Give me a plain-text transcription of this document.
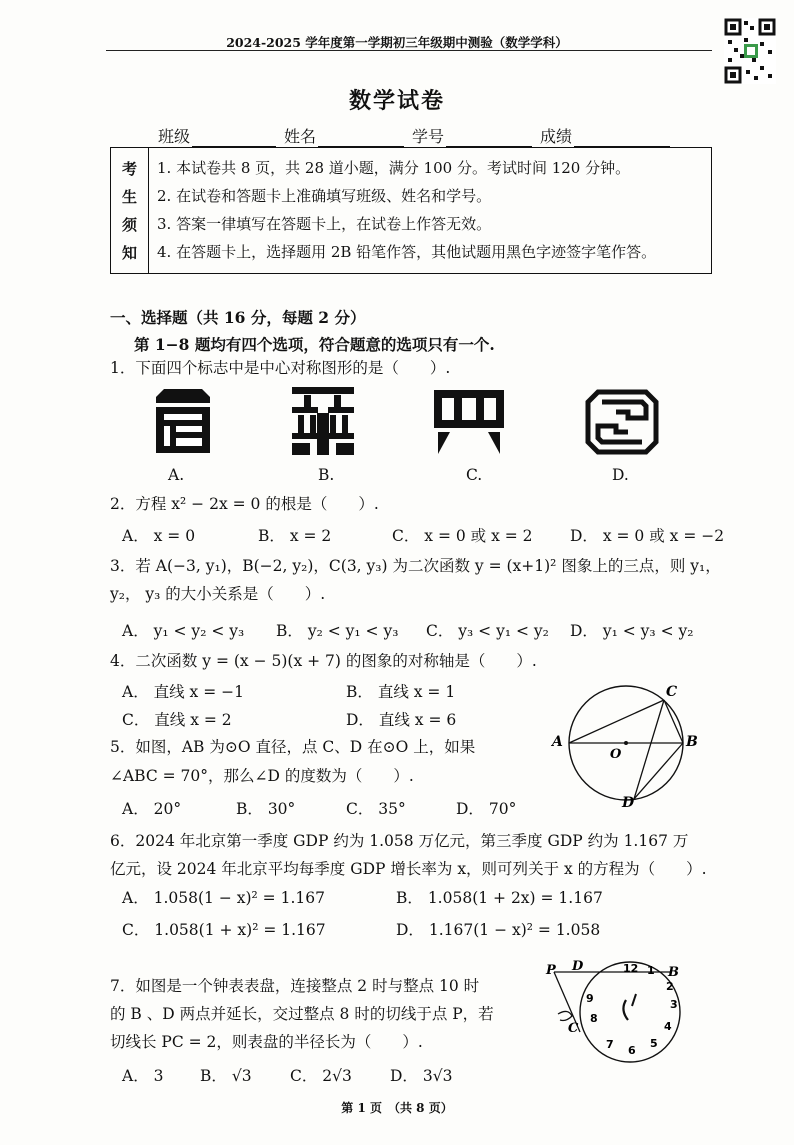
2024-2025 学年度第一学期初三年级期中测验（数学学科）
数学试卷
班级	姓名	学号	成绩
考
生
须
知
1. 本试卷共 8 页，共 28 道小题，满分 100 分。考试时间 120 分钟。
2. 在试卷和答题卡上准确填写班级、姓名和学号。
3. 答案一律填写在答题卡上，在试卷上作答无效。
4. 在答题卡上，选择题用 2B 铅笔作答，其他试题用黑色字迹签字笔作答。
一、选择题（共 16 分，每题 2 分）
第 1−8 题均有四个选项，符合题意的选项只有一个.
1．下面四个标志中是中心对称图形的是（　　）.
A.	B.	C.	D.
2．方程 x² − 2x = 0 的根是（　　）.
A． x = 0	B． x = 2	C． x = 0 或 x = 2 D． x = 0 或 x = −2
3．若 A(−3, y₁)，B(−2, y₂)，C(3, y₃) 为二次函数 y = (x+1)² 图象上的三点，则 y₁，
y₂， y₃ 的大小关系是（　　）.
A． y₁ < y₂ < y₃ B． y₂ < y₁ < y₃ C． y₃ < y₁ < y₂ D． y₁ < y₃ < y₂
4．二次函数 y = (x − 5)(x + 7) 的图象的对称轴是（　　）.
A． 直线 x = −1	B． 直线 x = 1
C． 直线 x = 2	D． 直线 x = 6
A	B
C
D
O
5．如图，AB 为⊙O 直径，点 C、D 在⊙O 上，如果
∠ABC = 70°，那么∠D 的度数为（　　）.
A． 20°	B． 30°	C． 35°	D． 70°
6．2024 年北京第一季度 GDP 约为 1.058 万亿元，第三季度 GDP 约为 1.167 万
亿元，设 2024 年北京平均每季度 GDP 增长率为 x，则可列关于 x 的方程为（　　）.
A． 1.058(1 − x)² = 1.167	B． 1.058(1 + 2x) = 1.167
C． 1.058(1 + x)² = 1.167	D． 1.167(1 − x)² = 1.058
7．如图是一个钟表表盘，连接整点 2 时与整点 10 时
的 B 、D 两点并延长，交过整点 8 时的切线于点 P，若
切线长 PC = 2，则表盘的半径长为（　　）.
A． 3 B． √3 C． 2√3 D． 3√3
P D	B
C
12 1
2
3
4
5
6
7
8
9
第 1 页　（共 8 页）
